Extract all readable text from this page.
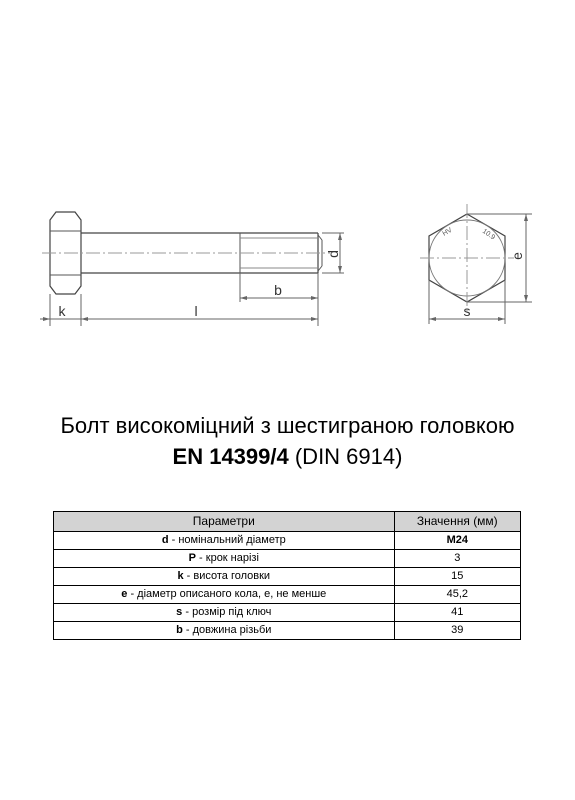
k	l
b
d
s
e
HV	10.9
Болт високоміцний з шестиграною головкою
EN 14399/4 (DIN 6914)
Параметри	Значення (мм)
d - номінальний діаметр	M24
P - крок нарізі	3
k - висота головки	15
e - діаметр описаного кола, e, не менше	45,2
s - розмір під ключ	41
b - довжина різьби	39
